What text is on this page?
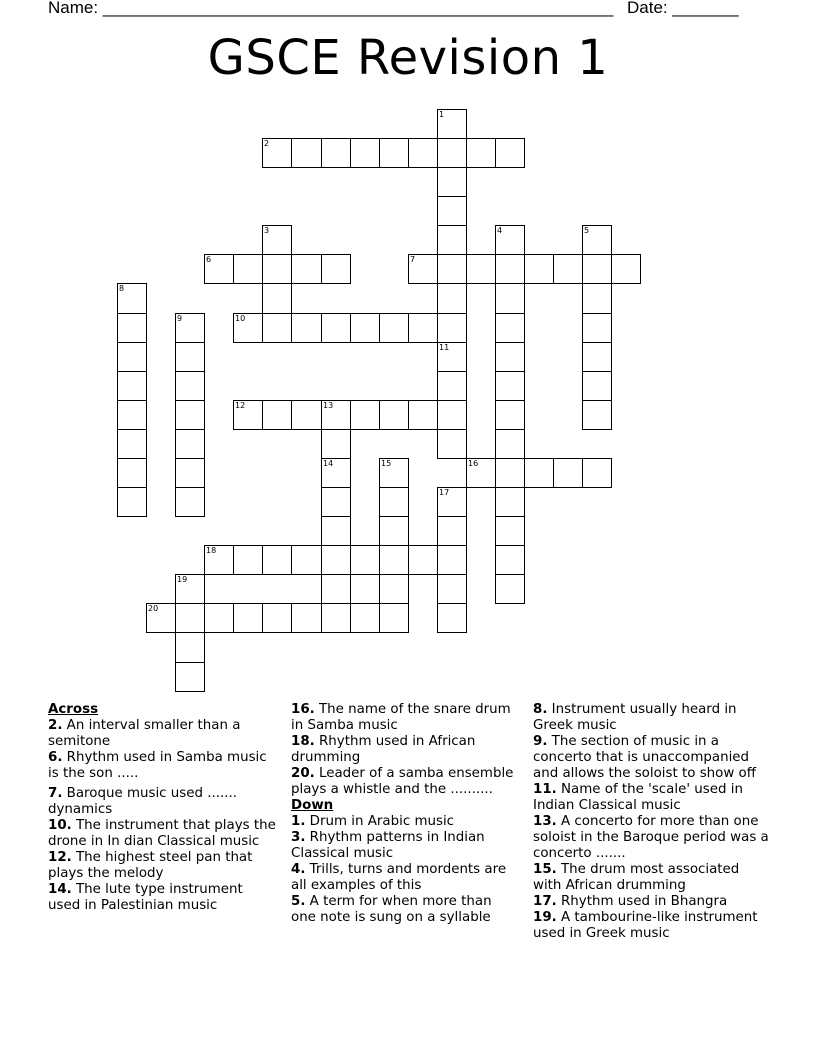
Name: ______________________________________________________ Date: _______
GSCE Revision 1
1
11
2
3	4	5
6	7
8
9	10
12	13
14	15	16
17
18
19
20
Across
2. An interval smaller than a semitone
6. Rhythm used in Samba music is the son .....
7. Baroque music used ....... dynamics
10. The instrument that plays the drone in In dian Classical music
12. The highest steel pan that plays the melody
14. The lute type instrument used in Palestinian music
16. The name of the snare drum in Samba music
18. Rhythm used in African drumming
20. Leader of a samba ensemble plays a whistle and the ..........
Down
1. Drum in Arabic music
3. Rhythm patterns in Indian Classical music
4. Trills, turns and mordents are all examples of this
5. A term for when more than one note is sung on a syllable
8. Instrument usually heard in Greek music
9. The section of music in a concerto that is unaccompanied and allows the soloist to show off
11. Name of the 'scale' used in Indian Classical music
13. A concerto for more than one soloist in the Baroque period was a concerto .......
15. The drum most associated with African drumming
17. Rhythm used in Bhangra
19. A tambourine-like instrument used in Greek music
